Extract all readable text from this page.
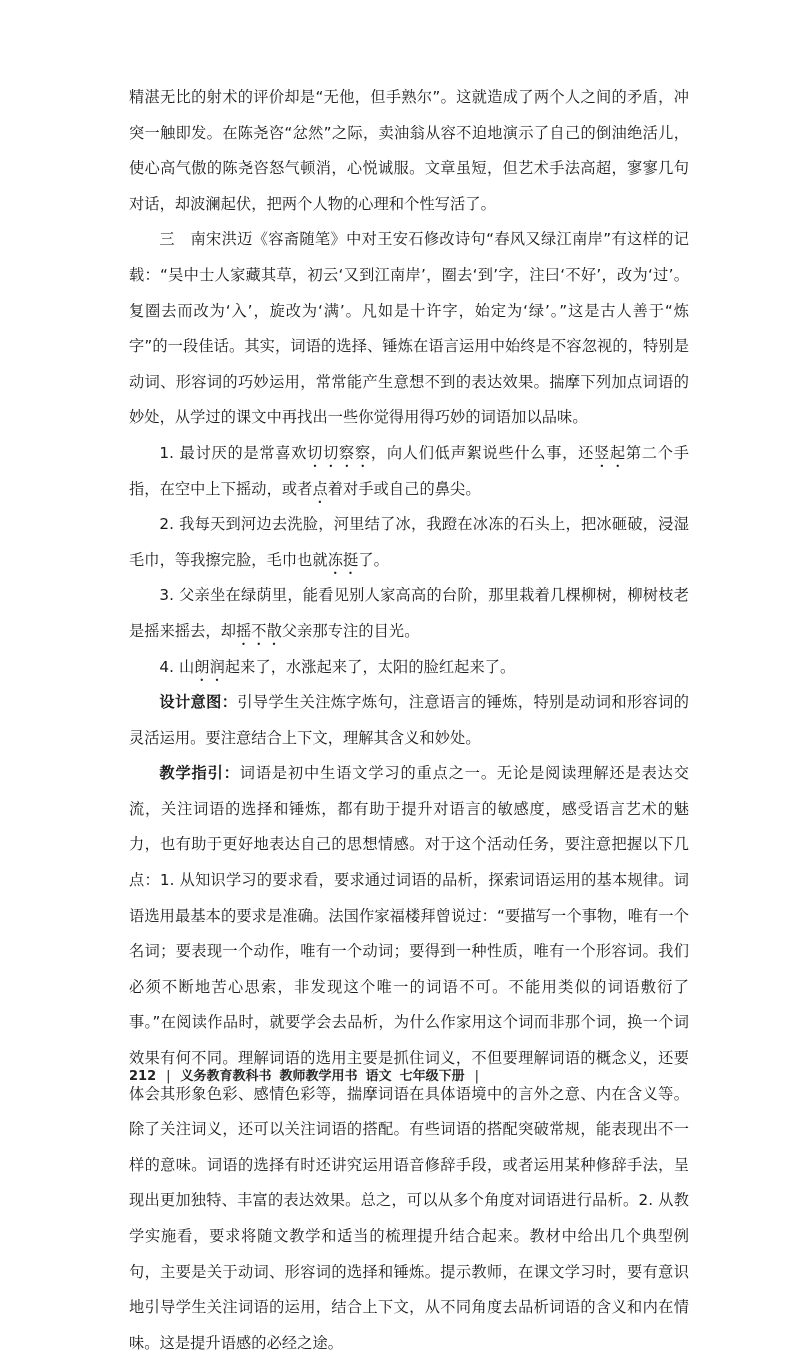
精湛无比的射术的评价却是“无他，但手熟尔”。这就造成了两个人之间的矛盾，冲突一触即发。在陈尧咨“忿然”之际，卖油翁从容不迫地演示了自己的倒油绝活儿，使心高气傲的陈尧咨怒气顿消，心悦诚服。文章虽短，但艺术手法高超，寥寥几句对话，却波澜起伏，把两个人物的心理和个性写活了。

三　南宋洪迈《容斋随笔》中对王安石修改诗句“春风又绿江南岸”有这样的记载：“吴中士人家藏其草，初云‘又到江南岸’，圈去‘到’字，注曰‘不好’，改为‘过’。复圈去而改为‘入’，旋改为‘满’。凡如是十许字，始定为‘绿’。”这是古人善于“炼字”的一段佳话。其实，词语的选择、锤炼在语言运用中始终是不容忽视的，特别是动词、形容词的巧妙运用，常常能产生意想不到的表达效果。揣摩下列加点词语的妙处，从学过的课文中再找出一些你觉得用得巧妙的词语加以品味。

1. 最讨厌的是常喜欢切切察察，向人们低声絮说些什么事，还竖起第二个手指，在空中上下摇动，或者点着对手或自己的鼻尖。

2. 我每天到河边去洗脸，河里结了冰，我蹬在冰冻的石头上，把冰砸破，浸湿毛巾，等我擦完脸，毛巾也就冻挺了。

3. 父亲坐在绿荫里，能看见别人家高高的台阶，那里栽着几棵柳树，柳树枝老是摇来摇去，却摇不散父亲那专注的目光。

4. 山朗润起来了，水涨起来了，太阳的脸红起来了。

设计意图：引导学生关注炼字炼句，注意语言的锤炼，特别是动词和形容词的灵活运用。要注意结合上下文，理解其含义和妙处。

教学指引：词语是初中生语文学习的重点之一。无论是阅读理解还是表达交流，关注词语的选择和锤炼，都有助于提升对语言的敏感度，感受语言艺术的魅力，也有助于更好地表达自己的思想情感。对于这个活动任务，要注意把握以下几点：1. 从知识学习的要求看，要求通过词语的品析，探索词语运用的基本规律。词语选用最基本的要求是准确。法国作家福楼拜曾说过：“要描写一个事物，唯有一个名词；要表现一个动作，唯有一个动词；要得到一种性质，唯有一个形容词。我们必须不断地苦心思索，非发现这个唯一的词语不可。不能用类似的词语敷衍了事。”在阅读作品时，就要学会去品析，为什么作家用这个词而非那个词，换一个词效果有何不同。理解词语的选用主要是抓住词义，不但要理解词语的概念义，还要体会其形象色彩、感情色彩等，揣摩词语在具体语境中的言外之意、内在含义等。除了关注词义，还可以关注词语的搭配。有些词语的搭配突破常规，能表现出不一样的意味。词语的选择有时还讲究运用语音修辞手段，或者运用某种修辞手法，呈现出更加独特、丰富的表达效果。总之，可以从多个角度对词语进行品析。2. 从教学实施看，要求将随文教学和适当的梳理提升结合起来。教材中给出几个典型例句，主要是关于动词、形容词的选择和锤炼。提示教师，在课文学习时，要有意识地引导学生关注词语的运用，结合上下文，从不同角度去品析词语的含义和内在情味。这是提升语感的必经之途。

212 | 义务教育教科书 教师教学用书 语文 七年级下册 |
